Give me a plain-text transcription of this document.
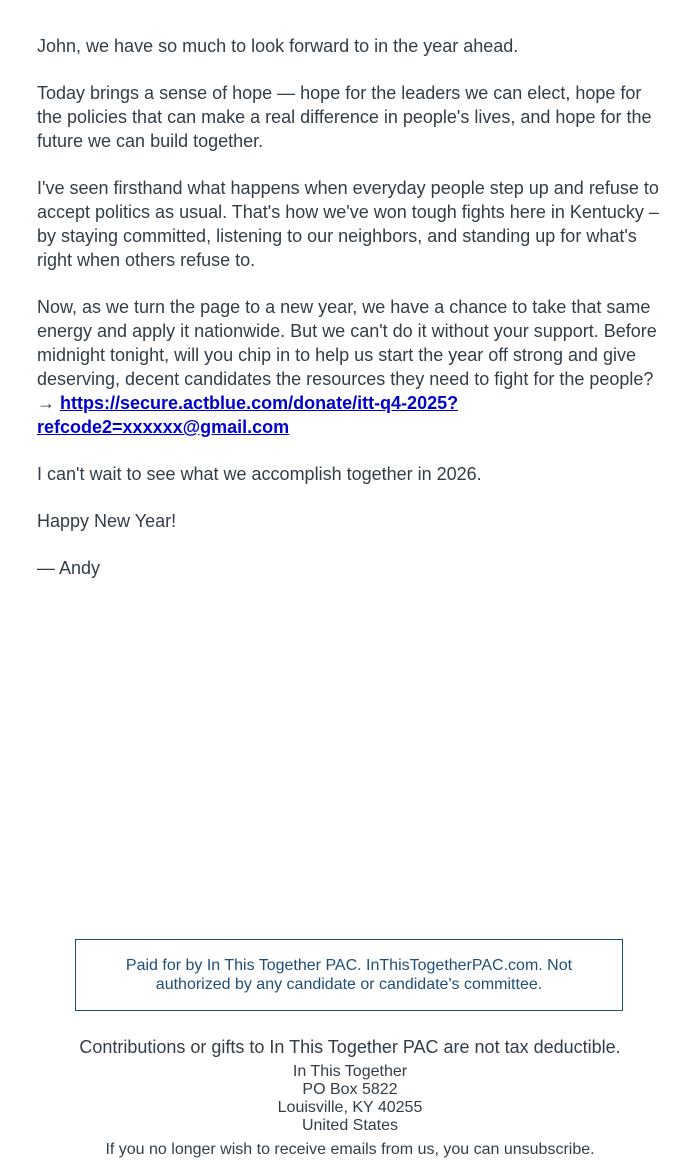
John, we have so much to look forward to in the year ahead.

Today brings a sense of hope — hope for the leaders we can elect, hope for the policies that can make a real difference in people's lives, and hope for the future we can build together.

I've seen firsthand what happens when everyday people step up and refuse to accept politics as usual. That's how we've won tough fights here in Kentucky – by staying committed, listening to our neighbors, and standing up for what's right when others refuse to.

Now, as we turn the page to a new year, we have a chance to take that same energy and apply it nationwide. But we can't do it without your support. Before midnight tonight, will you chip in to help us start the year off strong and give deserving, decent candidates the resources they need to fight for the people? → https://secure.actblue.com/donate/itt-q4-2025?refcode2=xxxxxx@gmail.com

I can't wait to see what we accomplish together in 2026.

Happy New Year!

— Andy

Paid for by In This Together PAC. InThisTogetherPAC.com. Not authorized by any candidate or candidate's committee.
Contributions or gifts to In This Together PAC are not tax deductible.
In This Together
PO Box 5822
Louisville, KY 40255
United States
If you no longer wish to receive emails from us, you can unsubscribe.
